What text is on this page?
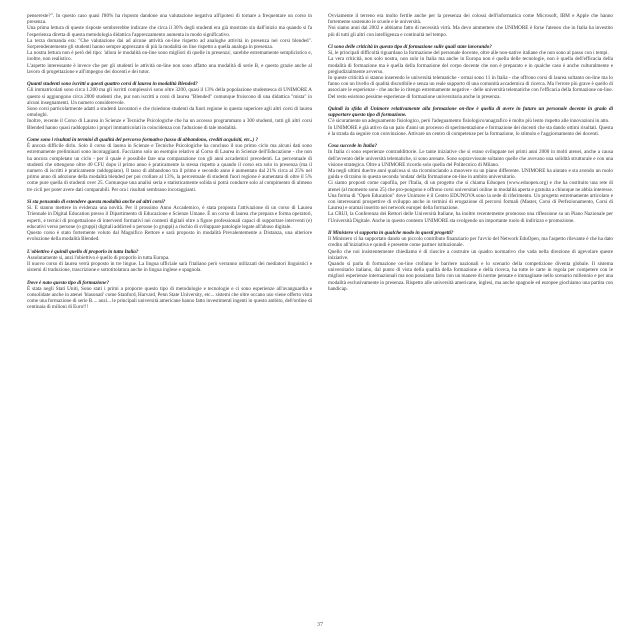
pensereste?". In questo caso quasi l'80% ha risposto dandone una valutazione negativa all'ipotesi di tornare a frequentare un corso in presenza.

Una prima lettura di queste risposte sembrerebbe indicare che circa il 30% degli studenti era già mostrato sin dall'inizio ma quando si fa l'esperienza diretta di questa metodologia didattica l'apprezzamento aumenta in modo significativo.

La terza domanda era: "Che valutazione dai ad alcune attività on-line rispetto ad analoghe attività in presenza nei corsi blended". Sorprendentemente gli studenti hanno sempre apprezzato di più la modalità on line rispetto a quella analoga in presenza.

La nostra lettura non è però del tipo: 'allora le modalità on-line sono migliori di quelle in presenza', sarebbe estremamente semplicistico e, inoltre, non realistico.

L'aspetto interessante è invece che per gli studenti le attività on-line non sono affatto una modalità di serie B, e questo grazie anche al lavoro di progettazione e all'impegno dei docenti e dei tutor.

Quanti studenti sono iscritti a questi quattro corsi di laurea in modalità Blended?

Gli immatricolati sono circa 1.200 ma gli iscritti complessivi sono oltre 3200, quasi il 13% della popolazione studentesca di UNIMORE A questo si aggiungono circa 2000 studenti che, pur non iscritti a corsi di laurea "Blended" comunque fruiscono di una didattica "mista" in alcuni insegnamenti. Un numero considerevole.

Sono corsi particolarmente adatti a studenti lavoratori e che risiedono studenti da fuori regione in questo superiore agli altri corsi di laurea omologhi.

Inoltre, recente il Corso di Laurea in Scienze e Tecniche Psicologiche che ha un accesso programmato a 300 studenti, tutti gli altri corsi Blended hanno quasi raddoppiato i propri immatricolati in coincidenza con l'adozione di tale modalità.

Come sono i risultati in termini di qualità del percorso formativo (tasso di abbandono, crediti acquisiti, etc..) ?

È ancora difficile dirlo. Solo il corso di laurea in Scienze e Tecniche Psicologiche ha concluso il suo primo ciclo ma alcuni dati sono estremamente preliminari sono incoraggianti. Facciamo solo un esempio relativo al Corso di Laurea in Scienze dell'Educazione - che non ha ancora completato un ciclo - per il quale è possibile fare una comparazione con gli anni accademici precedenti. La percentuale di studenti che ottengono oltre 40 CFU dopo il primo anno è praticamente la stessa rispetto a quando il corso era solo in presenza (ma il numero di iscritti è praticamente raddoppiato). Il tasso di abbandono tra il primo e secondo anno è aumentato dal 21% circa al 25% nel primo anno di adozione della modalità blended per poi crollare al 13%, la percentuale di studenti fuori regione è aumentata di oltre il 5% come pure quella di studenti over 25. Comunque una analisi seria e statisticamente solida si potrà condurre solo al compimento di almeno tre cicli per poter avere dati comparabili. Per ora i risultati sembrano incoraggianti.

Si sta pensando di estendere questa modalità anche ad altri corsi?

Sì. E stanno mettere in evidenza una novità. Per il prossimo Anno Accademico, è stata proposta l'attivazione di un corso di Laurea Triennale in Digital Education presso il Dipartimento di Educazione e Scienze Umane. È un corso di laurea che prepara e forma operatori, esperti, e tecnici di progettazione di interventi formativi nei contesti digitali oltre a figure professionali capaci di supportare interventi (e) educativi verso persone (o gruppi) digitali addicted o persone (o gruppi) a rischio di sviluppare patologie legate all'abuso digitale.

Questo corso è stato fortemente voluto dal Magnifico Rettore e sarà proposto in modalità Prevalentemente a Distanza, una ulteriore evoluzione della modalità Blended.

L'obiettivo è quindi quello di proporlo in tutta Italia?

Assolutamente sì, anzi l'obiettivo è quello di proporlo in tutta Europa.

Il nuovo corso di laurea verrà proposto in tre lingue. La lingua ufficiale sarà l'italiano però verranno utilizzati dei mediatori linguistici e sistemi di traduzione, trascrizione e sottotitolatura anche in lingua inglese e spagnola.

Dove è nato questo tipo di formazione?

È stata negli Stati Uniti, Sono stati i primi a proporre questo tipo di metodologie e tecnologie e ci sono esperienze all'avanguardia e consolidate anche in atenei 'blasonati' come Stanford, Harvard, Penn State University, etc... sistemi che oltre occano uso viene offerto vista come una formazione di serie B.... anzi... le principali università americane hanno fatto investimenti ingenti in questo ambito, dell'ordine di centinaia di milioni di Euro!!!

Ovviamente il terreno era molto fertile anche per la presenza dei colossi dell'informatica come Microsoft, IBM e Apple che hanno fortemente sostenuto le scuole e le università.

Noi siamo anni dal 2002 e abbiamo fatto di necessità virtù. Ma devo ammettere che UNIMORE è forse l'ateneo che in Italia ha investito più di tutti gli altri con intelligenza e continuità nel tempo.

Ci sono delle criticità in questo tipo di formazione sulle quali state lavorando?

Sì, le principali difficoltà riguardano la formazione del personale docente, oltre alle non-native italiane che non sono al passo con i tempi.

La vera criticità, non solo nostra, non solo in Italia ma anche in Europa non è quella delle tecnologie, non è quella dell'efficacia della modalità di formazione ma è quella della formazione del corpo docente che non è preparato e in qualche caso è anche culturalmente e pregiudizialmente avverso.

In queste criticità si stanno inserendo le università telematiche - ormai sono 11 in Italia - che offrono corsi di laurea soltanto on-line ma lo fanno con un livello di qualità discutibile e senza un reale supporto di una comunità accademica di ricerca. Ma l'errore più grave è quello di associare le esperienze - che anche io ritengo estremamente negative - delle università telematiche con l'efficacia della formazione on-line. Del resto esistono pessime esperienze di formazione universitaria anche in presenza.

Quindi la sfida di Unimore relativamente alla formazione on-line è quella di avere in futuro un personale docente in grado di supportare questo tipo di formazione.

C'è sicuramente un adeguamento fisiologico, però l'adeguamento fisiologico/anagrafico è molto più lento rispetto alle innovazioni in atto.

In UNIMORE è già attivo da un paio d'anni un processo di sperimentazione e formazione dei docenti che sta dando ottimi risultati. Questa è la strada da seguire con convinzione. Attivare un centro di competenze per la formazione, lo stimolo e l'aggiornamento dei docenti.

Cosa succede in Italia?

In Italia ci sono esperienze contraddittorie. Le tante iniziative che si erano sviluppate nei primi anni 2000 in molti atenei, anche a causa dell'avvento delle università telematiche, si sono arenate. Sono sopravvissute soltanto quelle che avevano una solidità strutturale e con una visione strategica. Oltre a UNIMORE ricordo solo quella del Politecnico di Milano.

Ma negli ultimi due/tre anni qualcosa si sta ricominciando a muovere su un piano differente. UNIMORE ha aiutato e sta avendo un ruolo guida e di traino in questa seconda 'ondata' della formazione on-line in ambito universitario.

Ci siamo proposti come capofila, per l'Italia, di un progetto che si chiama Eduopen (www.eduopen.org) e che ha costituito una rete di atenei (al momento sono 25) che pro-pongono e offrono corsi universitari online in modalità aperta e gratuita a chiunque ne abbia interesse. Una forma di "Open Education" dove Unimore è il Centro EDUNOVA sono la sede di riferimento. Un progetto estremamente articolato e con interessanti prospettive di sviluppo anche in termini di erogazione di percorsi formali (Master, Corsi di Perfezionamento, Corsi di Laurea) e oramai inserito nei network europei della formazione.

La CRUI, la Conferenza dei Rettori delle Università Italiane, ha inoltre recentemente promosso una riflessione su un Piano Nazionale per l'Università Digitale. Anche in questo contesto UNIMORE sta svolgendo un importante ruolo di indirizzo e promozione.

Il Ministero vi supporta in qualche modo in questi progetti?

Il Ministero ci ha supportato dando un piccolo contributo finanziario per l'avvio del Network EduOpen, ma l'aspetto rilevante è che ha dato credito all'iniziativa e quindi è presente come partner istituzionale.

Quello che noi insistentemente chiediamo è di riuscire a costruire un quadro normativo che vada nella direzione di agevolare queste iniziative.

Quando si parla di formazione on-line crollano le barriere nazionali e lo scenario della competizione diventa globale. Il sistema universitario italiano, dal punto di vista della qualità della formazione e della ricerca, ha tutte le carte in regola per competere con le migliori esperienze internazionali ma non possiamo farlo con un manere di norme pensate e immaginate nello scenario millennio e per una modalità esclusivamente in presenza. Rispetto alle università americane, inglesi, ma anche spagnole ed europee giochiamo una partita con handicap.

37
